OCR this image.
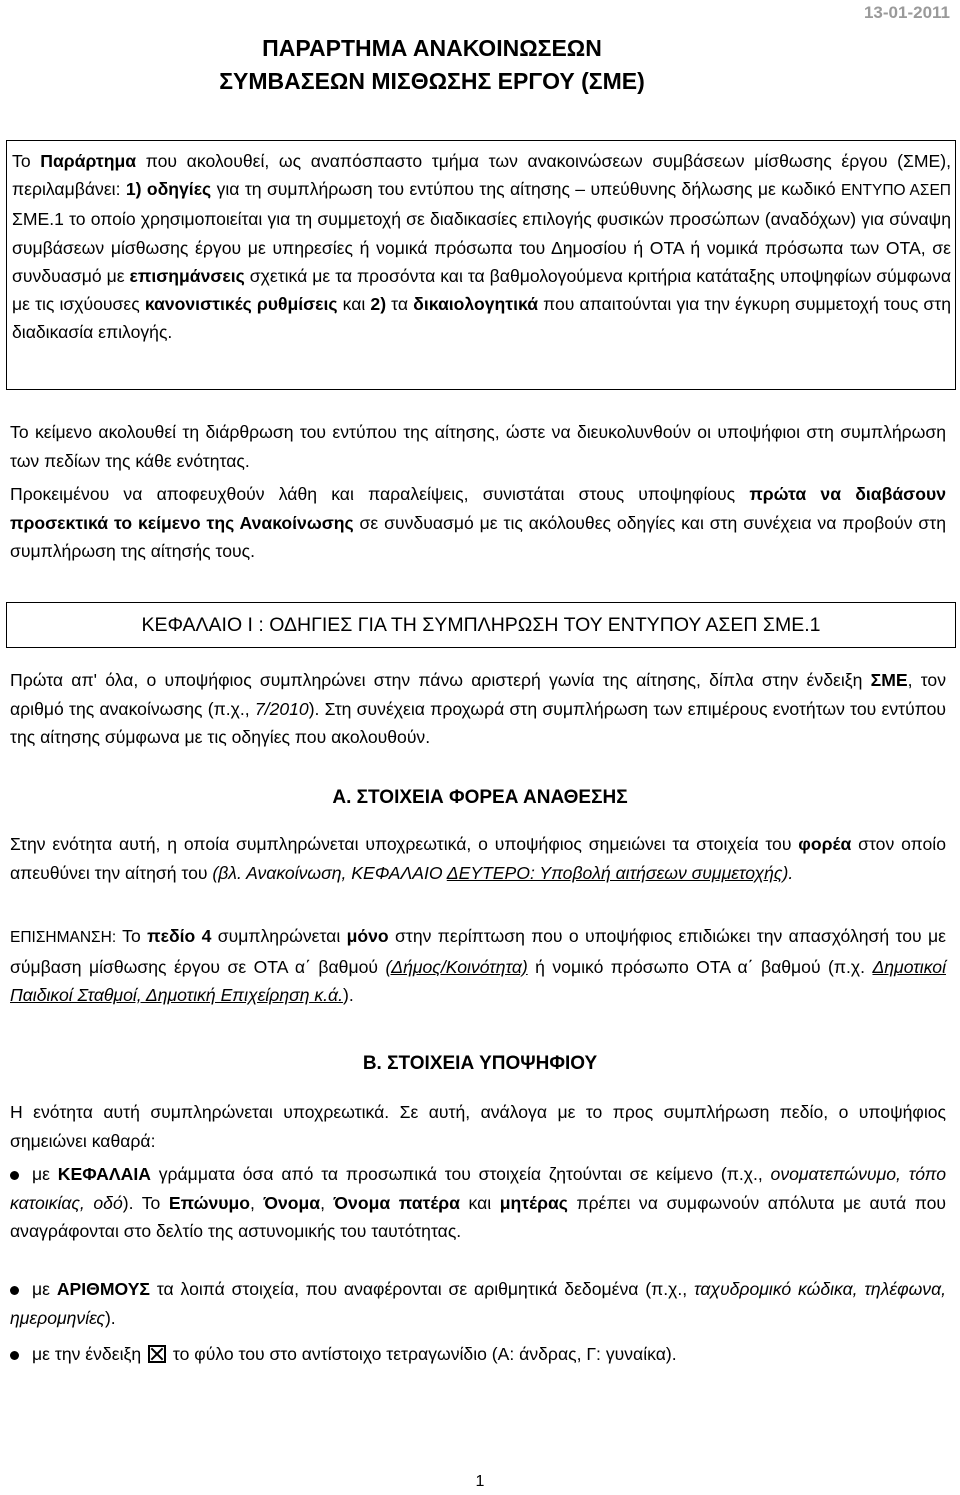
13-01-2011
ΠΑΡΑΡΤΗΜΑ ΑΝΑΚΟΙΝΩΣΕΩΝ
ΣΥΜΒΑΣΕΩΝ ΜΙΣΘΩΣΗΣ ΕΡΓΟΥ (ΣΜΕ)
Το Παράρτημα που ακολουθεί, ως αναπόσπαστο τμήμα των ανακοινώσεων συμβάσεων μίσθωσης έργου (ΣΜΕ), περιλαμβάνει: 1) οδηγίες για τη συμπλήρωση του εντύπου της αίτησης – υπεύθυνης δήλωσης με κωδικό ΕΝΤΥΠΟ ΑΣΕΠ ΣΜΕ.1 το οποίο χρησιμοποιείται για τη συμμετοχή σε διαδικασίες επιλογής φυσικών προσώπων (αναδόχων) για σύναψη συμβάσεων μίσθωσης έργου με υπηρεσίες ή νομικά πρόσωπα του Δημοσίου ή ΟΤΑ ή νομικά πρόσωπα των ΟΤΑ, σε συνδυασμό με επισημάνσεις σχετικά με τα προσόντα και τα βαθμολογούμενα κριτήρια κατάταξης υποψηφίων σύμφωνα με τις ισχύουσες κανονιστικές ρυθμίσεις και 2) τα δικαιολογητικά που απαιτούνται για την έγκυρη συμμετοχή τους στη διαδικασία επιλογής.

Το κείμενο ακολουθεί τη διάρθρωση του εντύπου της αίτησης, ώστε να διευκολυνθούν οι υποψήφιοι στη συμπλήρωση των πεδίων της κάθε ενότητας.

Προκειμένου να αποφευχθούν λάθη και παραλείψεις, συνιστάται στους υποψηφίους πρώτα να διαβάσουν προσεκτικά το κείμενο της Ανακοίνωσης σε συνδυασμό με τις ακόλουθες οδηγίες και στη συνέχεια να προβούν στη συμπλήρωση της αίτησής τους.

ΚΕΦΑΛΑΙΟ Ι : ΟΔΗΓΙΕΣ ΓΙΑ ΤΗ ΣΥΜΠΛΗΡΩΣΗ ΤΟΥ ΕΝΤΥΠΟΥ ΑΣΕΠ ΣΜΕ.1

Πρώτα απ' όλα, ο υποψήφιος συμπληρώνει στην πάνω αριστερή γωνία της αίτησης, δίπλα στην ένδειξη ΣΜΕ, τον αριθμό της ανακοίνωσης (π.χ., 7/2010). Στη συνέχεια προχωρά στη συμπλήρωση των επιμέρους ενοτήτων του εντύπου της αίτησης σύμφωνα με τις οδηγίες που ακολουθούν.

Α. ΣΤΟΙΧΕΙΑ ΦΟΡΕΑ ΑΝΑΘΕΣΗΣ

Στην ενότητα αυτή, η οποία συμπληρώνεται υποχρεωτικά, ο υποψήφιος σημειώνει τα στοιχεία του φορέα στον οποίο απευθύνει την αίτησή του (βλ. Ανακοίνωση, ΚΕΦΑΛΑΙΟ ΔΕΥΤΕΡΟ: Υποβολή αιτήσεων συμμετοχής).

ΕΠΙΣΗΜΑΝΣΗ: Το πεδίο 4 συμπληρώνεται μόνο στην περίπτωση που ο υποψήφιος επιδιώκει την απασχόλησή του με σύμβαση μίσθωσης έργου σε ΟΤΑ α΄ βαθμού (Δήμος/Κοινότητα) ή νομικό πρόσωπο ΟΤΑ α΄ βαθμού (π.χ. Δημοτικοί Παιδικοί Σταθμοί, Δημοτική Επιχείρηση κ.ά.).

Β. ΣΤΟΙΧΕΙΑ ΥΠΟΨΗΦΙΟΥ

Η ενότητα αυτή συμπληρώνεται υποχρεωτικά. Σε αυτή, ανάλογα με το προς συμπλήρωση πεδίο, ο υποψήφιος σημειώνει καθαρά:

με ΚΕΦΑΛΑΙΑ γράμματα όσα από τα προσωπικά του στοιχεία ζητούνται σε κείμενο (π.χ., ονοματεπώνυμο, τόπο κατοικίας, οδό). Το Επώνυμο, Όνομα, Όνομα πατέρα και μητέρας πρέπει να συμφωνούν απόλυτα με αυτά που αναγράφονται στο δελτίο της αστυνομικής του ταυτότητας.
με ΑΡΙΘΜΟΥΣ τα λοιπά στοιχεία, που αναφέρονται σε αριθμητικά δεδομένα (π.χ., ταχυδρομικό κώδικα, τηλέφωνα, ημερομηνίες).
με την ένδειξη  το φύλο του στο αντίστοιχο τετραγωνίδιο (Α: άνδρας, Γ: γυναίκα).
1
